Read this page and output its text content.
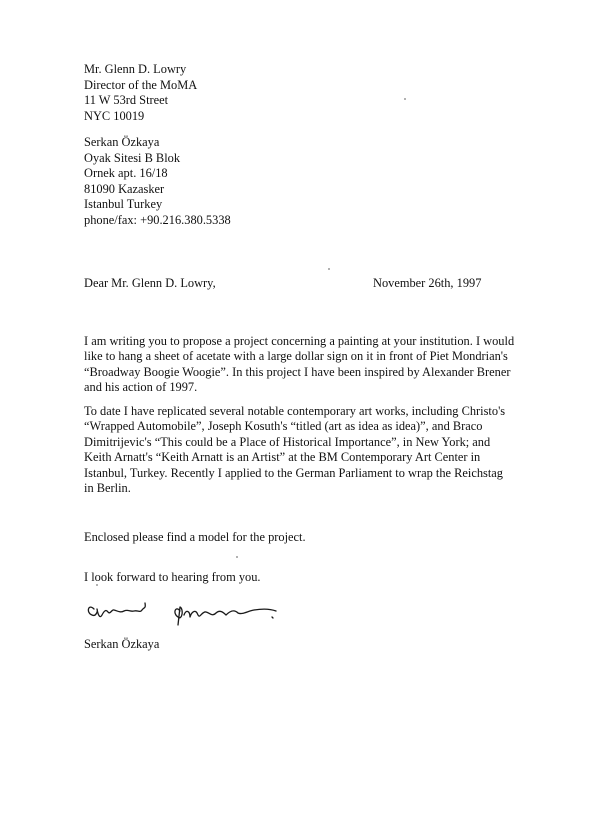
Mr. Glenn D. Lowry
Director of the MoMA
11 W 53rd Street
NYC 10019
Serkan Özkaya
Oyak Sitesi B Blok
Ornek apt. 16/18
81090 Kazasker
Istanbul Turkey
phone/fax: +90.216.380.5338
Dear Mr. Glenn D. Lowry,	November 26th, 1997
I am writing you to propose a project concerning a painting at your institution. I would
like to hang a sheet of acetate with a large dollar sign on it in front of Piet Mondrian's
“Broadway Boogie Woogie”. In this project I have been inspired by Alexander Brener
and his action of 1997.
To date I have replicated several notable contemporary art works, including Christo's
“Wrapped Automobile”, Joseph Kosuth's “titled (art as idea as idea)”, and Braco
Dimitrijevic's “This could be a Place of Historical Importance”, in New York; and
Keith Arnatt's “Keith Arnatt is an Artist” at the BM Contemporary Art Center in
Istanbul, Turkey. Recently I applied to the German Parliament to wrap the Reichstag
in Berlin.
Enclosed please find a model for the project.
I look forward to hearing from you.
Serkan Özkaya
